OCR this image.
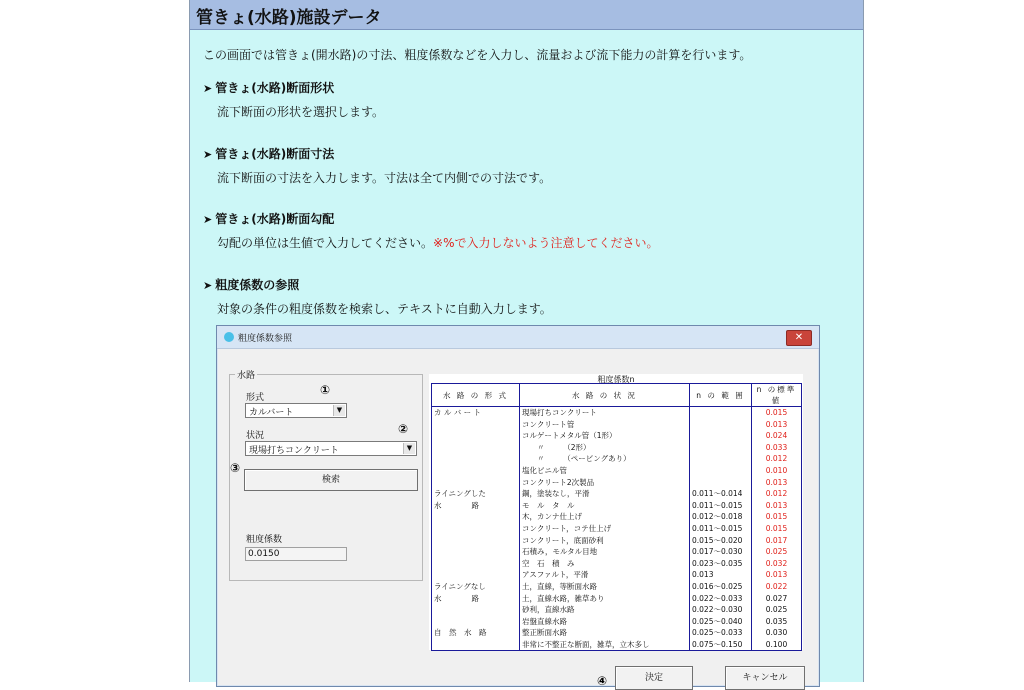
管きょ(水路)施設データ
この画面では管きょ(開水路)の寸法、粗度係数などを入力し、流量および流下能力の計算を行います。
➤ 管きょ(水路)断面形状
流下断面の形状を選択します。
➤ 管きょ(水路)断面寸法
流下断面の寸法を入力します。寸法は全て内側での寸法です。
➤ 管きょ(水路)断面勾配
勾配の単位は生値で入力してください。※%で入力しないよう注意してください。
➤ 粗度係数の参照
対象の条件の粗度係数を検索し、テキストに自動入力します。
粗度係数参照	✕
水路
形式
①
カルバート	▼
状況	②
現場打ちコンクリート	▼
③
検索
粗度係数
0.0150
粗度係数n
水 路 の 形 式	水 路 の 状 況	n の 範 囲	n の標準値
カ ル バ ー ト	現場打ちコンクリート		0.015
	コンクリート管		0.013
	コルゲートメタル管（1形）		0.024
	　　〃　　　（2形）		0.033
	　　〃　　　（ペービングあり）		0.012
	塩化ビニル管		0.010
	コンクリート2次製品		0.013
ライニングした	鋼，塗装なし，平滑	0.011～0.014	0.012
水　　　　路	モ　ル　タ　ル	0.011～0.015	0.013
	木，カンナ仕上げ	0.012～0.018	0.015
	コンクリート，コテ仕上げ	0.011～0.015	0.015
	コンクリート，底面砂利	0.015～0.020	0.017
	石積み，モルタル目地	0.017～0.030	0.025
	空　石　積　み	0.023～0.035	0.032
	アスファルト，平滑	0.013	0.013
ライニングなし	土，直線，等断面水路	0.016～0.025	0.022
水　　　　路	土，直線水路，雑草あり	0.022～0.033	0.027
	砂利，直線水路	0.022～0.030	0.025
	岩盤直線水路	0.025～0.040	0.035
自　然　水　路	整正断面水路	0.025～0.033	0.030
	非常に不整正な断面，雑草，立木多し	0.075～0.150	0.100
④	決定	キャンセル
